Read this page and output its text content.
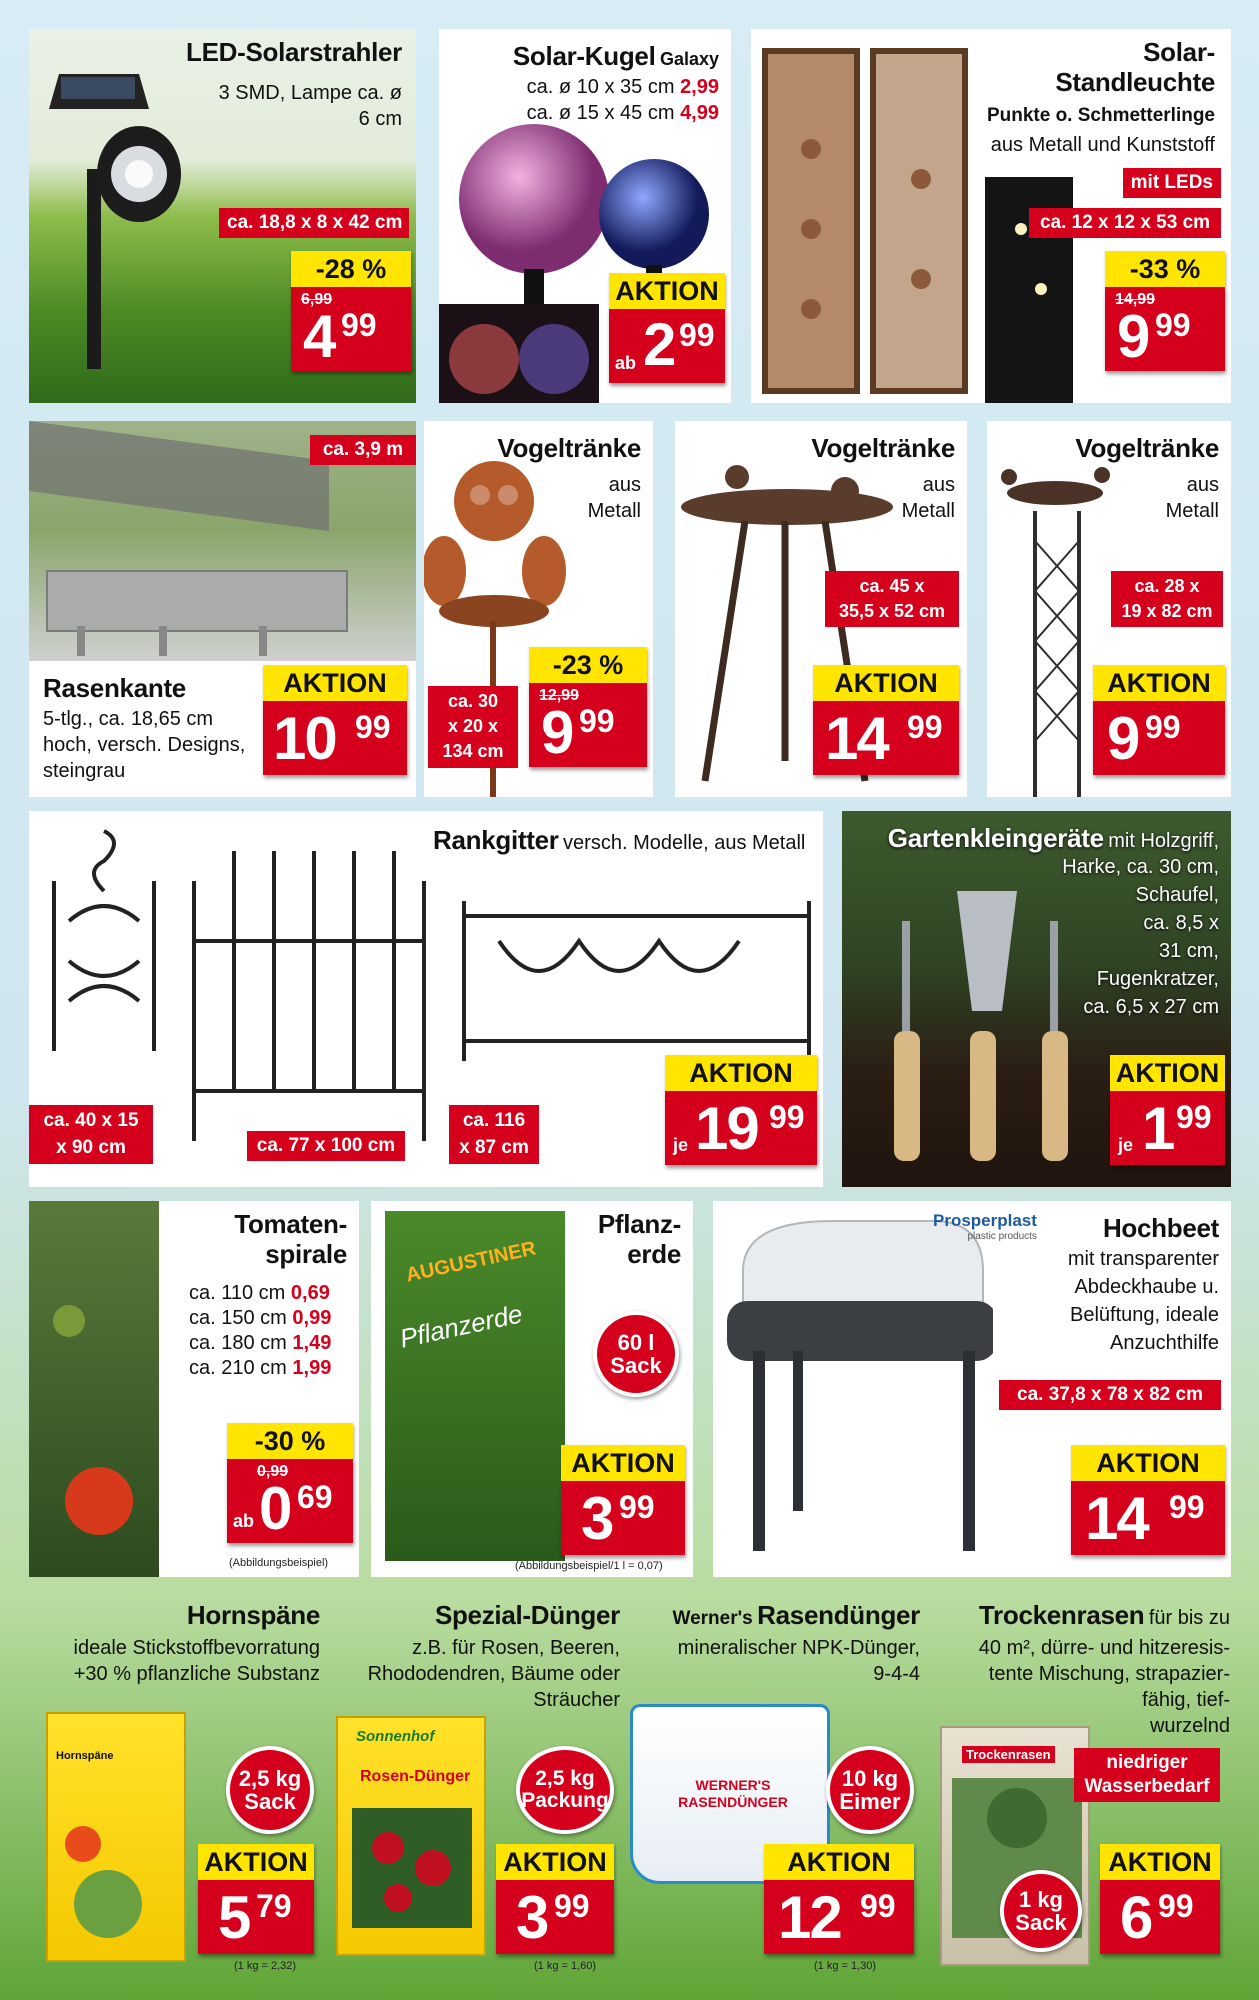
LED-Solarstrahler
3 SMD, Lampe ca. ø
6 cm
ca. 18,8 x 8 x 42 cm
-28 %
6,99
4 99
Solar-Kugel Galaxy
ca. ø 10 x 35 cm 2,99
ca. ø 15 x 45 cm 4,99
AKTION
ab 2 99
Solar-
Standleuchte
Punkte o. Schmetterlinge
aus Metall und Kunststoff
mit LEDs
ca. 12 x 12 x 53 cm
-33 %
14,99
9 99
ca. 3,9 m
Rasenkante
5-tlg., ca. 18,65 cm
hoch, versch. Designs,
steingrau
AKTION
10 99
Vogeltränke
aus
Metall
ca. 30
x 20 x
134 cm
-23 %
12,99
9 99
Vogeltränke
aus
Metall
ca. 45 x
35,5 x 52 cm
AKTION
14 99
Vogeltränke
aus
Metall
ca. 28 x
19 x 82 cm
AKTION
9 99
Rankgitter versch. Modelle, aus Metall
ca. 40 x 15
x 90 cm	ca. 77 x 100 cm
ca. 116
x 87 cm
AKTION
je 19 99
Gartenkleingeräte mit Holzgriff,
Harke, ca. 30 cm,
Schaufel,
ca. 8,5 x
31 cm,
Fugenkratzer,
ca. 6,5 x 27 cm
AKTION
je 1 99
Tomaten-
spirale
ca. 110 cm 0,69
ca. 150 cm 0,99
ca. 180 cm 1,49
ca. 210 cm 1,99
-30 %
0,99
ab 0 69
(Abbildungsbeispiel)
AUGUSTINER
Pflanzerde
Pflanz-
erde
60 l
Sack
AKTION
3 99
(Abbildungsbeispiel/1 l = 0,07)
Prosperplast
plastic products	Hochbeet
mit transparenter
Abdeckhaube u.
Belüftung, ideale
Anzuchthilfe
ca. 37,8 x 78 x 82 cm
AKTION
14 99
Hornspäne
ideale Stickstoffbevorratung
+30 % pflanzliche Substanz
Hornspäne
2,5 kg
Sack
AKTION
5 79
(1 kg = 2,32)
Spezial-Dünger
z.B. für Rosen, Beeren,
Rhododendren, Bäume oder
Sträucher
Sonnenhof
Rosen-Dünger	2,5 kg
Packung
AKTION
3 99
(1 kg = 1,60)
Werner's Rasendünger
mineralischer NPK-Dünger,
9-4-4
WERNER'S RASENDÜNGER
10 kg
Eimer
AKTION
12 99
(1 kg = 1,30)
Trockenrasen für bis zu
40 m², dürre- und hitzeresis-
tente Mischung, strapazier-
fähig, tief-
wurzelnd
Trockenrasen	niedriger
Wasserbedarf
1 kg
Sack
AKTION
6 99
